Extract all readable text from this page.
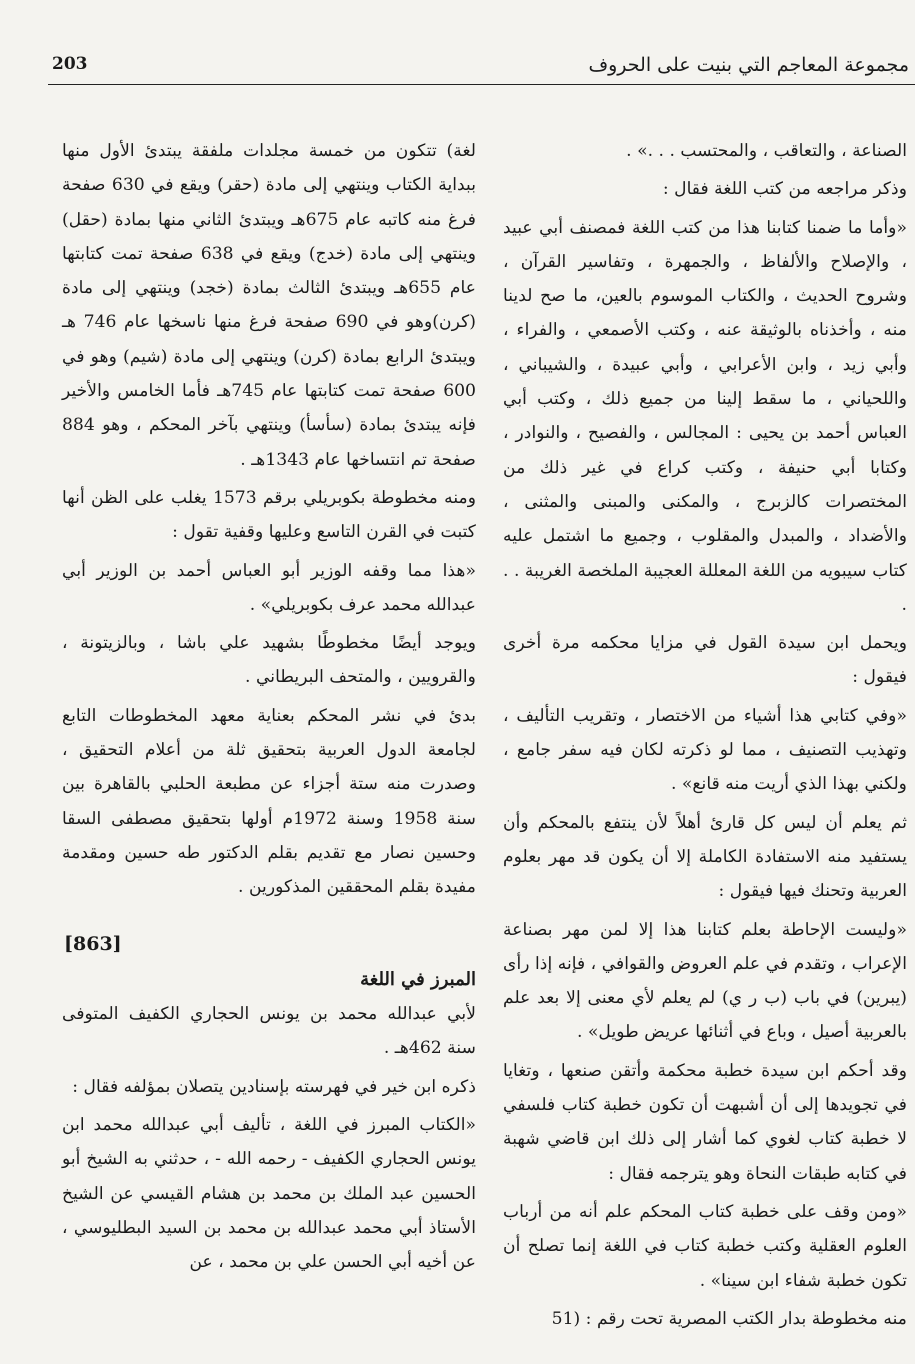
203	مجموعة المعاجم التي بنيت على الحروف

الصناعة ، والتعاقب ، والمحتسب . . .» .

وذكر مراجعه من كتب اللغة فقال :

«وأما ما ضمنا كتابنا هذا من كتب اللغة فمصنف أبي عبيد ، والإصلاح والألفاظ ، والجمهرة ، وتفاسير القرآن ، وشروح الحديث ، والكتاب الموسوم بالعين، ما صح لدينا منه ، وأخذناه بالوثيقة عنه ، وكتب الأصمعي ، والفراء ، وأبي زيد ، وابن الأعرابي ، وأبي عبيدة ، والشيباني ، واللحياني ، ما سقط إلينا من جميع ذلك ، وكتب أبي العباس أحمد بن يحيى : المجالس ، والفصيح ، والنوادر ، وكتابا أبي حنيفة ، وكتب كراع في غير ذلك من المختصرات كالزبرج ، والمكنى والمبنى والمثنى ، والأضداد ، والمبدل والمقلوب ، وجميع ما اشتمل عليه كتاب سيبويه من اللغة المعللة العجيبة الملخصة الغريبة . . .

ويحمل ابن سيدة القول في مزايا محكمه مرة أخرى فيقول :

«وفي كتابي هذا أشياء من الاختصار ، وتقريب التأليف ، وتهذيب التصنيف ، مما لو ذكرته لكان فيه سفر جامع ، ولكني بهذا الذي أريت منه قانع» .

ثم يعلم أن ليس كل قارئ أهلاً لأن ينتفع بالمحكم وأن يستفيد منه الاستفادة الكاملة إلا أن يكون قد مهر بعلوم العربية وتحنك فيها فيقول :

«وليست الإحاطة بعلم كتابنا هذا إلا لمن مهر بصناعة الإعراب ، وتقدم في علم العروض والقوافي ، فإنه إذا رأى (يبرين) في باب (ب ر ي) لم يعلم لأي معنى إلا بعد علم بالعربية أصيل ، وباع في أثنائها عريض طويل» .

وقد أحكم ابن سيدة خطبة محكمة وأتقن صنعها ، وتغايا في تجويدها إلى أن أشبهت أن تكون خطبة كتاب فلسفي لا خطبة كتاب لغوي كما أشار إلى ذلك ابن قاضي شهبة في كتابه طبقات النحاة وهو يترجمه فقال :

«ومن وقف على خطبة كتاب المحكم علم أنه من أرباب العلوم العقلية وكتب خطبة كتاب في اللغة إنما تصلح أن تكون خطبة شفاء ابن سينا» .

منه مخطوطة بدار الكتب المصرية تحت رقم : (51

لغة) تتكون من خمسة مجلدات ملفقة يبتدئ الأول منها ببداية الكتاب وينتهي إلى مادة (حقر) ويقع في 630 صفحة فرغ منه كاتبه عام 675هـ ويبتدئ الثاني منها بمادة (حقل) وينتهي إلى مادة (خدج) ويقع في 638 صفحة تمت كتابتها عام 655هـ ويبتدئ الثالث بمادة (خجد) وينتهي إلى مادة (كرن)وهو في 690 صفحة فرغ منها ناسخها عام 746 هـ ويبتدئ الرابع بمادة (كرن) وينتهي إلى مادة (شيم) وهو في 600 صفحة تمت كتابتها عام 745هـ فأما الخامس والأخير فإنه يبتدئ بمادة (سأسأ) وينتهي بآخر المحكم ، وهو 884 صفحة تم انتساخها عام 1343هـ .

ومنه مخطوطة بكوبريلي برقم 1573 يغلب على الظن أنها كتبت في القرن التاسع وعليها وقفية تقول :

«هذا مما وقفه الوزير أبو العباس أحمد بن الوزير أبي عبدالله محمد عرف بكوبريلي» .

ويوجد أيضًا مخطوطًا بشهيد علي باشا ، وبالزيتونة ، والقرويين ، والمتحف البريطاني .

بدئ في نشر المحكم بعناية معهد المخطوطات التابع لجامعة الدول العربية بتحقيق ثلة من أعلام التحقيق ، وصدرت منه ستة أجزاء عن مطبعة الحلبي بالقاهرة بين سنة 1958 وسنة 1972م أولها بتحقيق مصطفى السقا وحسين نصار مع تقديم بقلم الدكتور طه حسين ومقدمة مفيدة بقلم المحققين المذكورين .

[863]

المبرز في اللغة

لأبي عبدالله محمد بن يونس الحجاري الكفيف المتوفى سنة 462هـ .

ذكره ابن خير في فهرسته بإسنادين يتصلان بمؤلفه فقال :

«الكتاب المبرز في اللغة ، تأليف أبي عبدالله محمد ابن يونس الحجاري الكفيف - رحمه الله - ، حدثني به الشيخ أبو الحسين عبد الملك بن محمد بن هشام القيسي عن الشيخ الأستاذ أبي محمد عبدالله بن محمد بن السيد البطليوسي ، عن أخيه أبي الحسن علي بن محمد ، عن
